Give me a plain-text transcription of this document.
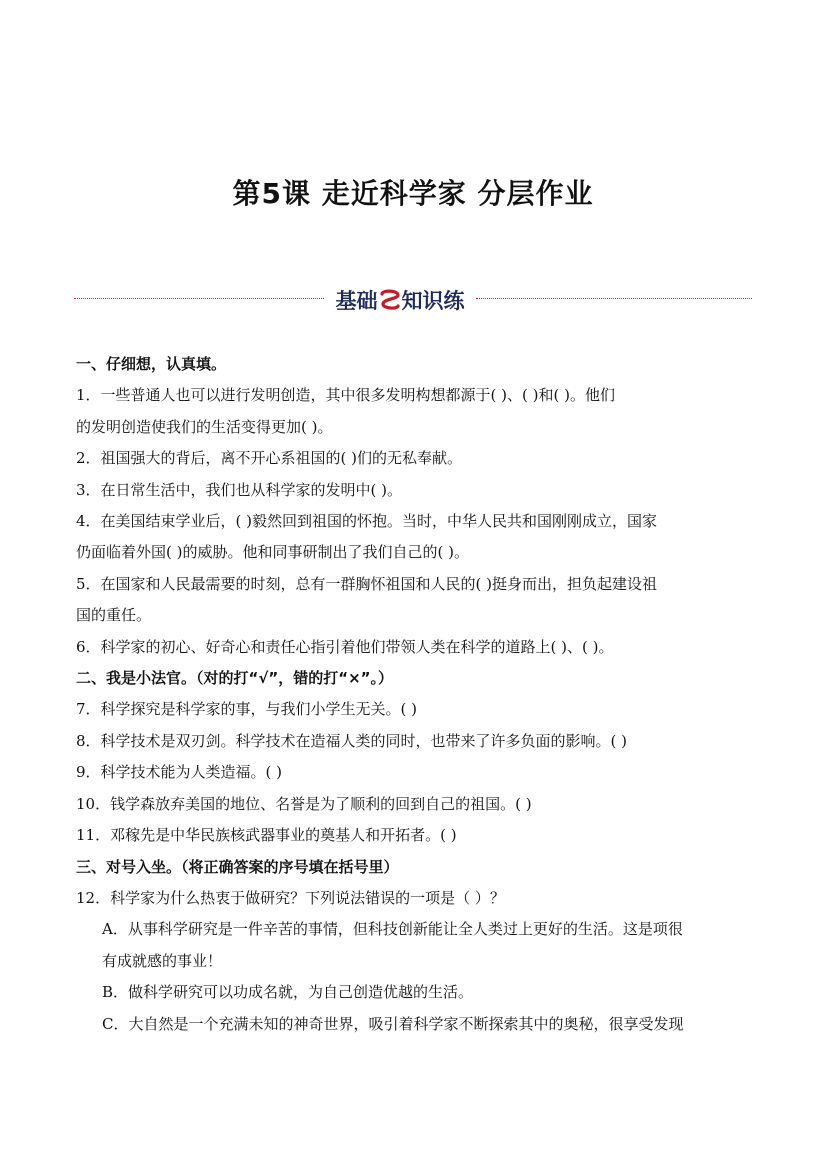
第5课 走近科学家 分层作业
基础 知识练

一、仔细想，认真填。

1．一些普通人也可以进行发明创造，其中很多发明构想都源于( )、( )和( )。他们

的发明创造使我们的生活变得更加( )。

2．祖国强大的背后，离不开心系祖国的( )们的无私奉献。

3．在日常生活中，我们也从科学家的发明中( )。

4．在美国结束学业后，( )毅然回到祖国的怀抱。当时，中华人民共和国刚刚成立，国家

仍面临着外国( )的威胁。他和同事研制出了我们自己的( )。

5．在国家和人民最需要的时刻，总有一群胸怀祖国和人民的( )挺身而出，担负起建设祖

国的重任。

6．科学家的初心、好奇心和责任心指引着他们带领人类在科学的道路上( )、( )。

二、我是小法官。（对的打“√”，错的打“×”。）

7．科学探究是科学家的事，与我们小学生无关。( )

8．科学技术是双刃剑。科学技术在造福人类的同时，也带来了许多负面的影响。( )

9．科学技术能为人类造福。( )

10．钱学森放弃美国的地位、名誉是为了顺利的回到自己的祖国。( )

11．邓稼先是中华民族核武器事业的奠基人和开拓者。( )

三、对号入坐。（将正确答案的序号填在括号里）

12．科学家为什么热衷于做研究？下列说法错误的一项是（ ）？

A．从事科学研究是一件辛苦的事情，但科技创新能让全人类过上更好的生活。这是项很

有成就感的事业！

B．做科学研究可以功成名就，为自己创造优越的生活。

C．大自然是一个充满未知的神奇世界，吸引着科学家不断探索其中的奥秘，很享受发现
